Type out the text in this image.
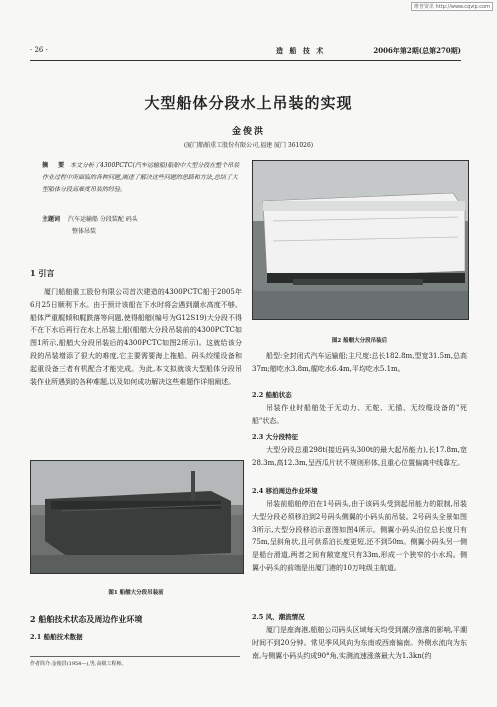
维普资讯 http://www.cqvip.com
· 26 ·	造 船 技 术	2006年第2期(总第270期)
大型船体分段水上吊装的实现
金俊洪
(厦门船舶重工股份有限公司,福建 厦门 361026)
摘 要 本文分析了4300PCTC(汽车运输船)船舶中大型分段在整个吊装作业过程中所面临的各种问题,阐述了解决这些问题的思路和方法,总结了大型船体分段高难度吊装的经验。
主题词 汽车运输船 分段装配 码头
整体吊装
1 引言
厦门船舶重工股份有限公司首次建造的4300PCTC船于2005年6月25日顺利下水。由于预计该船在下水时将会遇到潮水高度不够、船体严重艉倾和艉跌落等问题,使得船艏(编号为G12S19)大分段不得不在下水后再行在水上吊装上船(船艏大分段吊装前的4300PCTC如图1所示,船艏大分段吊装后的4300PCTC如图2所示)。这就给该分段的吊装增添了很大的难度,它主要需要海上拖船、码头绞缆设备和起重设备三者有机配合才能完成。为此,本文拟就该大型船体分段吊装作业所遇到的各种难题,以及如何成功解决这些难题作详细阐述。
图1 船艏大分段吊装前
2 船舶技术状态及周边作业环境
2.1 船舶技术数据
作者简介:金俊洪(1954—),男,高级工程师。
图2 船艏大分段吊装后
船型:全封闭式汽车运输船;主尺度:总长182.8m,型宽31.5m,总高37m;艏吃水3.8m,艉吃水6.4m,平均吃水5.1m。
2.2 船舶状态
吊装作业时船舶处于无动力、无舵、无锚、无绞缆设备的"死船"状态。
2.3 大分段特征
大型分段总重298t(接近码头300t的最大起吊能力),长17.8m,宽28.3m,高12.3m,呈西瓜片状不规则形体,且重心位置偏离中线靠左。
2.4 移泊周边作业环境
吊装前船舶停泊在1号码头,由于该码头受到起吊能力的限制,吊装大型分段必须移泊到2号码头侧翼的小码头前吊装。2号码头全景如图3所示,大型分段移泊示意图如图4所示。侧翼小码头泊位总长度只有75m,呈斜角状,且可供系泊长度更短,还不到50m。侧翼小码头另一侧是船台滑道,两者之间有敞宽度只有33m,形成一个狭窄的小水坞。侧翼小码头的前端是出厦门港的10万吨级主航道。
2.5 风、潮流情况
厦门是座海港,船舶公司码头区域每天均受到潮汐涨落的影响,平潮时间不到20分钟。常见季风风向为东南或西南偏南。外侧水流向为东南,与侧翼小码头约成90°角,实测流速涨落最大为1.3kn(约
